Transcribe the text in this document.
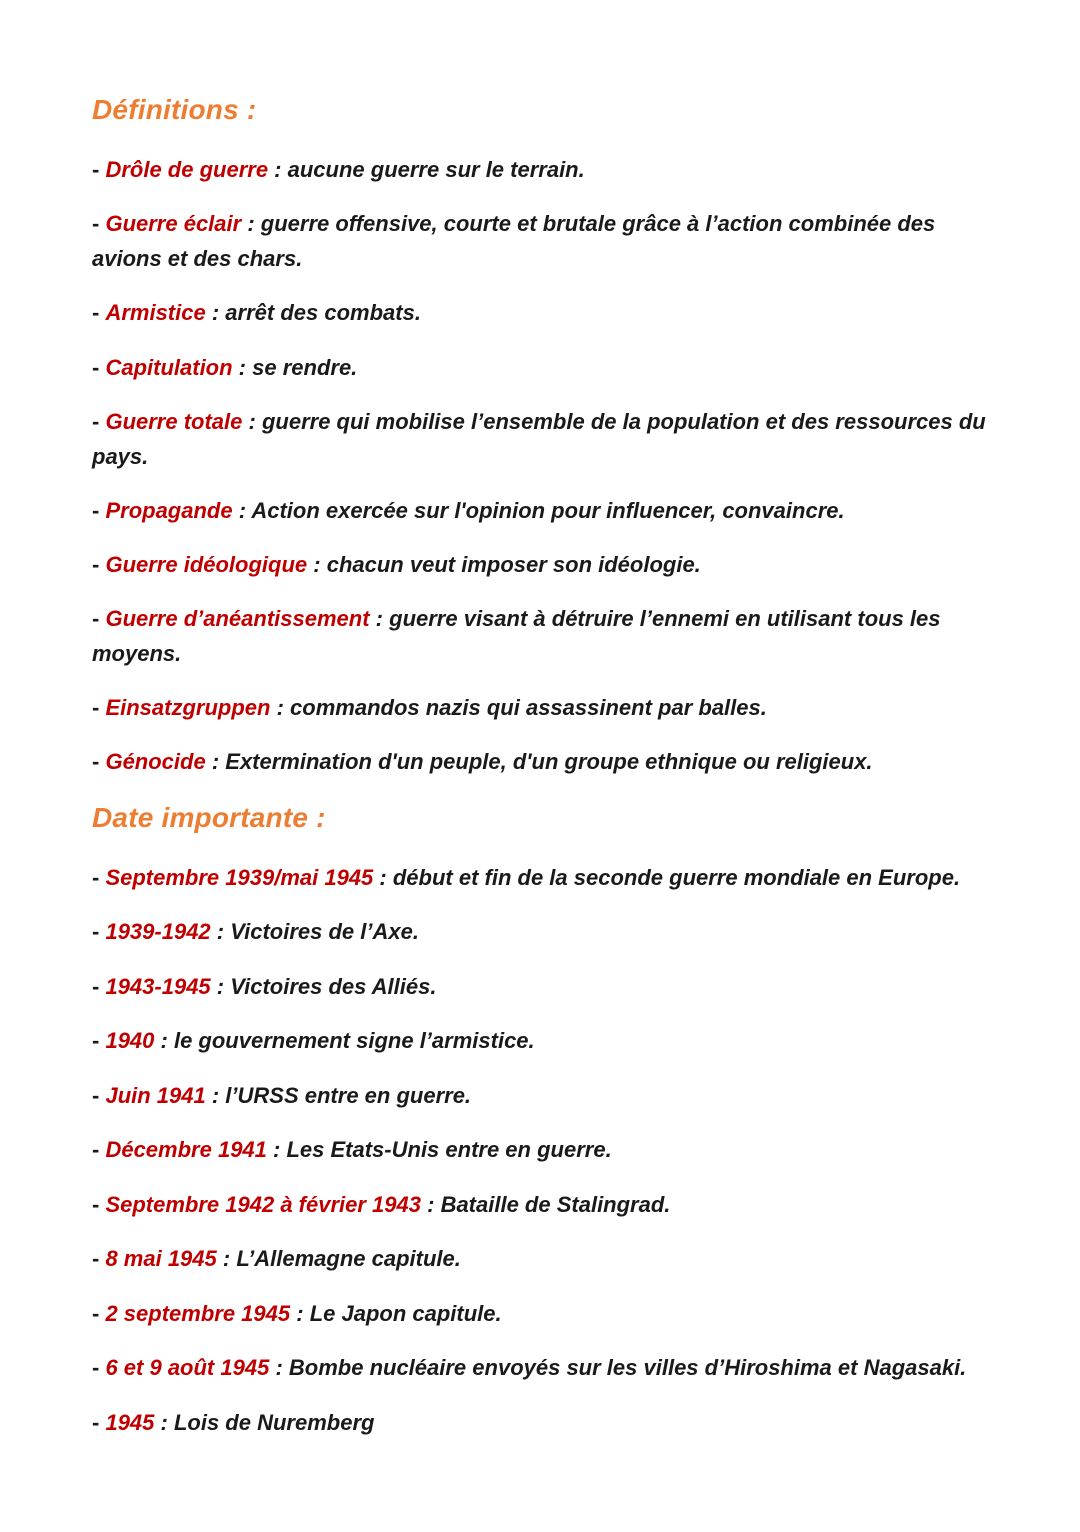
Définitions :

- Drôle de guerre : aucune guerre sur le terrain.

- Guerre éclair : guerre offensive, courte et brutale grâce à l’action combinée des avions et des chars.

- Armistice : arrêt des combats.

- Capitulation : se rendre.

- Guerre totale : guerre qui mobilise l’ensemble de la population et des ressources du pays.

- Propagande : Action exercée sur l'opinion pour influencer, convaincre.

- Guerre idéologique : chacun veut imposer son idéologie.

- Guerre d’anéantissement : guerre visant à détruire l’ennemi en utilisant tous les moyens.

- Einsatzgruppen : commandos nazis qui assassinent par balles.

- Génocide : Extermination d'un peuple, d'un groupe ethnique ou religieux.

Date importante :

- Septembre 1939/mai 1945 : début et fin de la seconde guerre mondiale en Europe.

- 1939-1942 : Victoires de l’Axe.

- 1943-1945 : Victoires des Alliés.

- 1940 : le gouvernement signe l’armistice.

- Juin 1941 : l’URSS entre en guerre.

- Décembre 1941 : Les Etats-Unis entre en guerre.

- Septembre 1942 à février 1943 : Bataille de Stalingrad.

- 8 mai 1945 : L’Allemagne capitule.

- 2 septembre 1945 : Le Japon capitule.

- 6 et 9 août 1945 : Bombe nucléaire envoyés sur les villes d’Hiroshima et Nagasaki.

- 1945 : Lois de Nuremberg
